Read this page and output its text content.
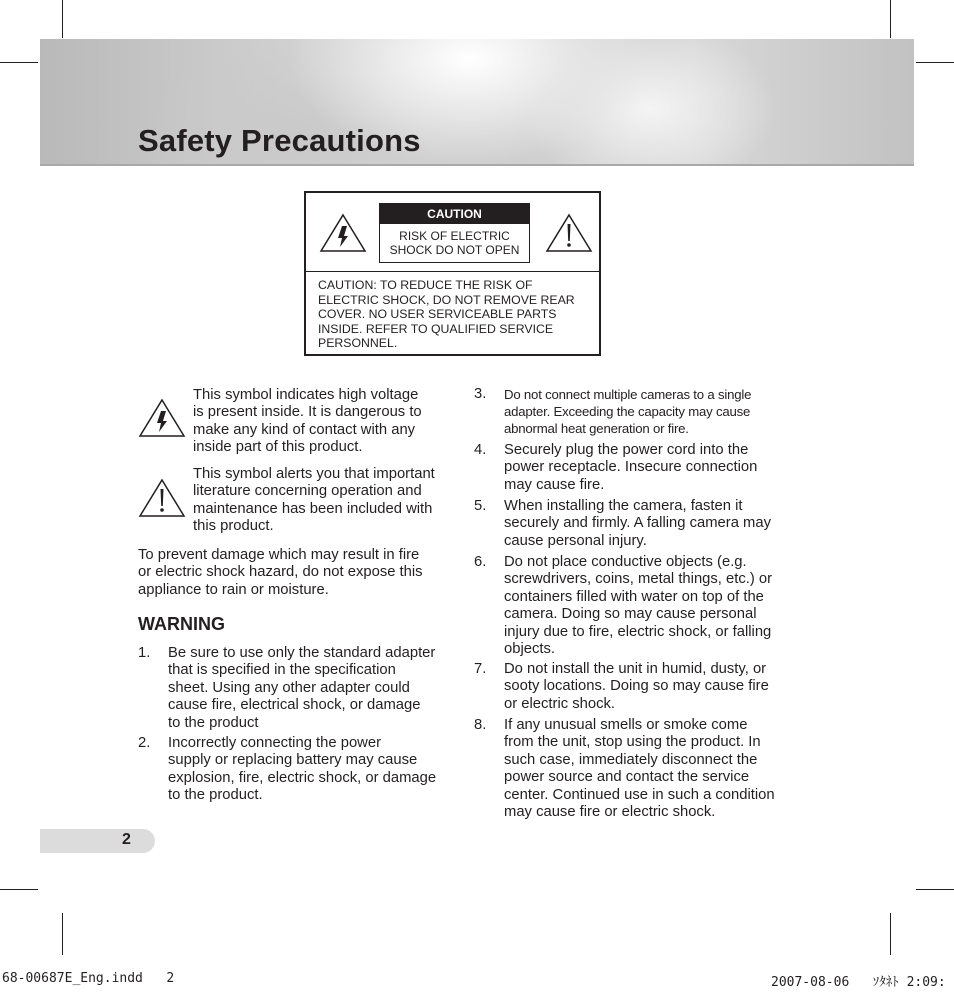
Safety Precautions
CAUTION
RISK OF ELECTRIC
SHOCK DO NOT OPEN
CAUTION: TO REDUCE THE RISK OF
ELECTRIC SHOCK, DO NOT REMOVE REAR
COVER. NO USER SERVICEABLE PARTS
INSIDE. REFER TO QUALIFIED SERVICE
PERSONNEL.
This symbol indicates high voltage
is present inside. It is dangerous to
make any kind of contact with any
inside part of this product.
This symbol alerts you that important
literature concerning operation and
maintenance has been included with
this product.
To prevent damage which may result in fire
or electric shock hazard, do not expose this
appliance to rain or moisture.
WARNING
1. Be sure to use only the standard adapter
that is specified in the specification
sheet. Using any other adapter could
cause fire, electrical shock, or damage
to the product
2. Incorrectly connecting the power
supply or replacing battery may cause
explosion, fire, electric shock, or damage
to the product.
3. Do not connect multiple cameras to a single
adapter. Exceeding the capacity may cause
abnormal heat generation or fire.
4. Securely plug the power cord into the
power receptacle. Insecure connection
may cause fire.
5. When installing the camera, fasten it
securely and firmly. A falling camera may
cause personal injury.
6. Do not place conductive objects (e.g.
screwdrivers, coins, metal things, etc.) or
containers filled with water on top of the
camera. Doing so may cause personal
injury due to fire, electric shock, or falling
objects.
7. Do not install the unit in humid, dusty, or
sooty locations. Doing so may cause fire
or electric shock.
8. If any unusual smells or smoke come
from the unit, stop using the product. In
such case, immediately disconnect the
power source and contact the service
center. Continued use in such a condition
may cause fire or electric shock.
2
68-00687E_Eng.indd   2	2007-08-06   ｿﾀﾈﾄ 2:09:
